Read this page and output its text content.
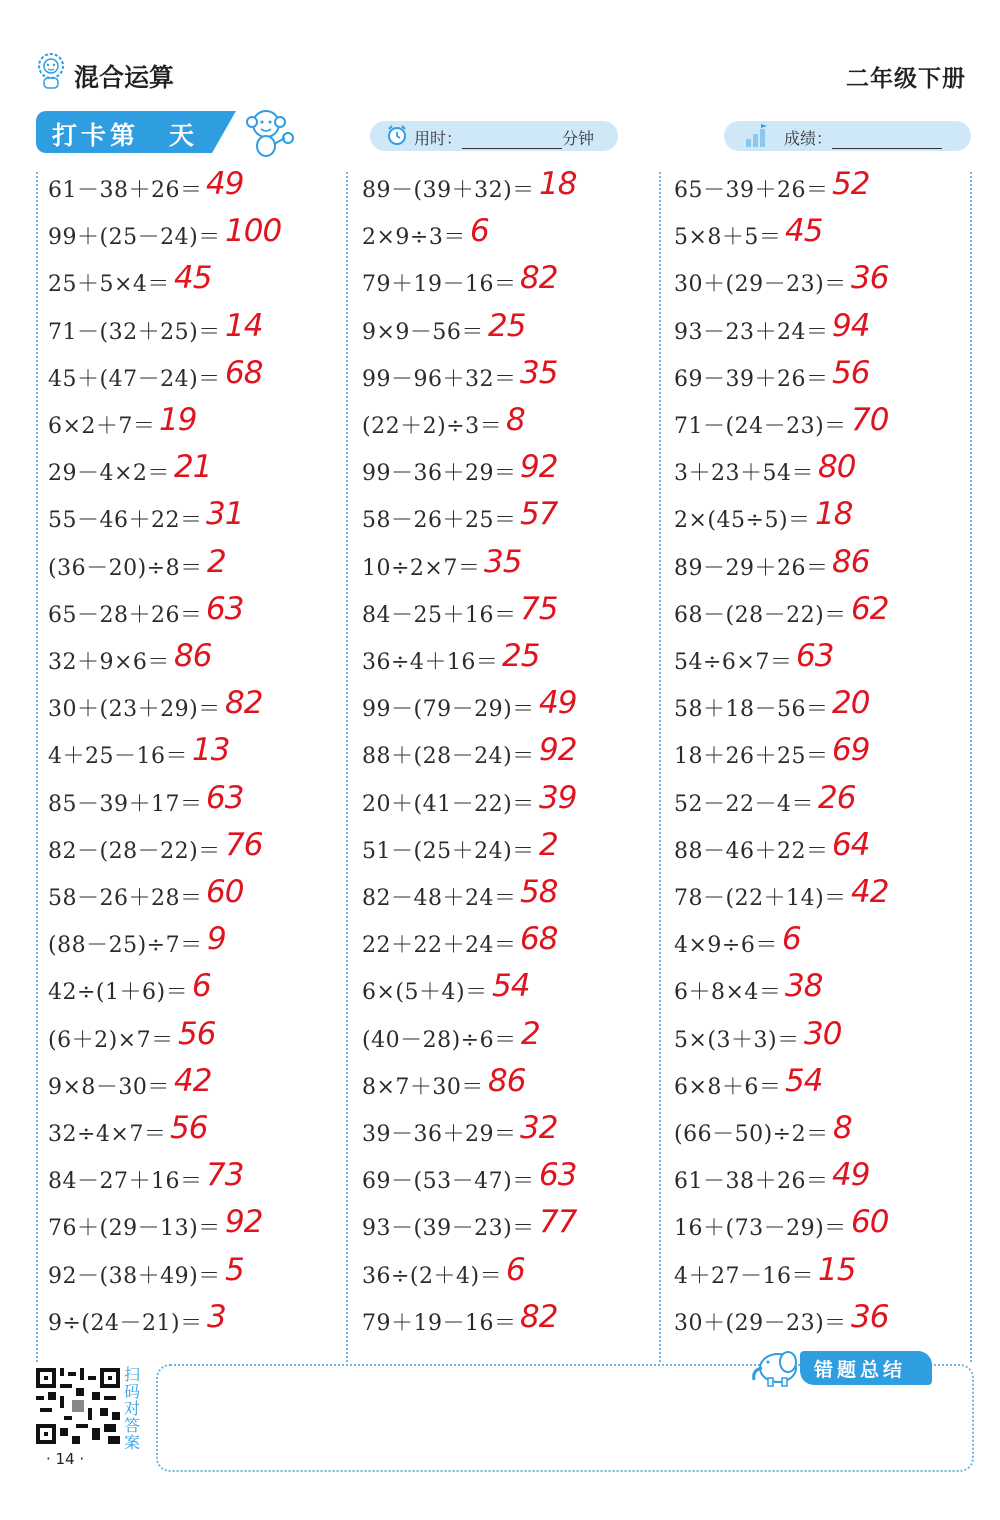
混合运算	二年级下册
打卡第 天	用时：	分钟	成绩：
61－38＋26＝ 49
99＋(25－24)＝ 100
25＋5×4＝ 45
71－(32＋25)＝ 14
45＋(47－24)＝ 68
6×2＋7＝ 19
29－4×2＝ 21
55－46＋22＝ 31
(36－20)÷8＝ 2
65－28＋26＝ 63
32＋9×6＝ 86
30＋(23＋29)＝ 82
4＋25－16＝ 13
85－39＋17＝ 63
82－(28－22)＝ 76
58－26＋28＝ 60
(88－25)÷7＝ 9
42÷(1＋6)＝ 6
(6＋2)×7＝ 56
9×8－30＝ 42
32÷4×7＝ 56
84－27＋16＝ 73
76＋(29－13)＝ 92
92－(38＋49)＝ 5
9÷(24－21)＝ 3
89－(39＋32)＝ 18
2×9÷3＝ 6
79＋19－16＝ 82
9×9－56＝ 25
99－96＋32＝ 35
(22＋2)÷3＝ 8
99－36＋29＝ 92
58－26＋25＝ 57
10÷2×7＝ 35
84－25＋16＝ 75
36÷4＋16＝ 25
99－(79－29)＝ 49
88＋(28－24)＝ 92
20＋(41－22)＝ 39
51－(25＋24)＝ 2
82－48＋24＝ 58
22＋22＋24＝ 68
6×(5＋4)＝ 54
(40－28)÷6＝ 2
8×7＋30＝ 86
39－36＋29＝ 32
69－(53－47)＝ 63
93－(39－23)＝ 77
36÷(2＋4)＝ 6
79＋19－16＝ 82
65－39＋26＝ 52
5×8＋5＝ 45
30＋(29－23)＝ 36
93－23＋24＝ 94
69－39＋26＝ 56
71－(24－23)＝ 70
3＋23＋54＝ 80
2×(45÷5)＝ 18
89－29＋26＝ 86
68－(28－22)＝ 62
54÷6×7＝ 63
58＋18－56＝ 20
18＋26＋25＝ 69
52－22－4＝ 26
88－46＋22＝ 64
78－(22＋14)＝ 42
4×9÷6＝ 6
6＋8×4＝ 38
5×(3＋3)＝ 30
6×8＋6＝ 54
(66－50)÷2＝ 8
61－38＋26＝ 49
16＋(73－29)＝ 60
4＋27－16＝ 15
30＋(29－23)＝ 36
错题总结
扫码对答案
· 14 ·
